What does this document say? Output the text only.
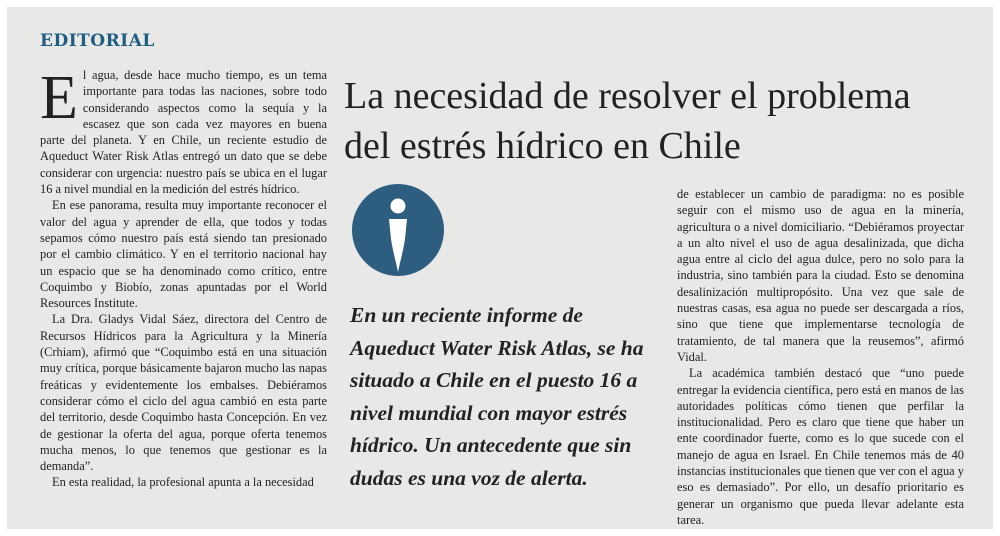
EDITORIAL

El agua, desde hace mucho tiempo, es un tema importante para todas las naciones, sobre todo considerando aspectos como la sequía y la escasez que son cada vez mayores en buena parte del planeta. Y en Chile, un reciente estudio de Aqueduct Water Risk Atlas entregó un dato que se debe considerar con urgencia: nuestro país se ubica en el lugar 16 a nivel mundial en la medición del estrés hídrico.

En ese panorama, resulta muy importante reconocer el valor del agua y aprender de ella, que todos y todas sepamos cómo nuestro país está siendo tan presionado por el cambio climático. Y en el territorio nacional hay un espacio que se ha denominado como crítico, entre Coquimbo y Biobío, zonas apuntadas por el World Resources Institute.

La Dra. Gladys Vidal Sáez, directora del Centro de Recursos Hídricos para la Agricultura y la Minería (Crhiam), afirmó que “Coquimbo está en una situación muy crítica, porque básicamente bajaron mucho las napas freáticas y evidentemente los embalses. Debiéramos considerar cómo el ciclo del agua cambió en esta parte del territorio, desde Coquimbo hasta Concepción. En vez de gestionar la oferta del agua, porque oferta tenemos mucha menos, lo que tenemos que gestionar es la demanda”.

En esta realidad, la profesional apunta a la necesidad

La necesidad de resolver el problema del estrés hídrico en Chile
En un reciente informe de Aqueduct Water Risk Atlas, se ha situado a Chile en el puesto 16 a nivel mundial con mayor estrés hídrico. Un antecedente que sin dudas es una voz de alerta.

de establecer un cambio de paradigma: no es posible seguir con el mismo uso de agua en la minería, agricultura o a nivel domiciliario. “Debiéramos proyectar a un alto nivel el uso de agua desalinizada, que dicha agua entre al ciclo del agua dulce, pero no solo para la industria, sino también para la ciudad. Esto se denomina desalinización multipropósito. Una vez que sale de nuestras casas, esa agua no puede ser descargada a ríos, sino que tiene que implementarse tecnología de tratamiento, de tal manera que la reusemos”, afirmó Vidal.

La académica también destacó que “uno puede entregar la evidencia científica, pero está en manos de las autoridades políticas cómo tienen que perfilar la institucionalidad. Pero es claro que tiene que haber un ente coordinador fuerte, como es lo que sucede con el manejo de agua en Israel. En Chile tenemos más de 40 instancias institucionales que tienen que ver con el agua y eso es demasiado”. Por ello, un desafío prioritario es generar un organismo que pueda llevar adelante esta tarea.
